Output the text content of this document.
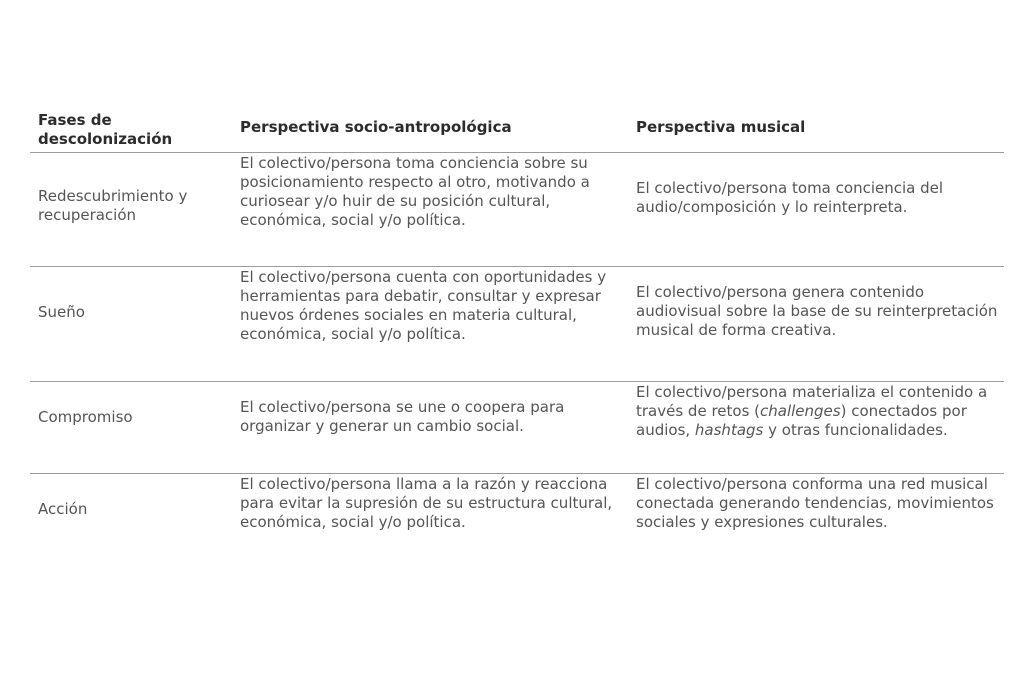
Fases de descolonización
Perspectiva socio-antropológica	Perspectiva musical
Redescubrimiento y recuperación
El colectivo/persona toma conciencia sobre su posicionamiento respecto al otro, motivando a curiosear y/o huir de su posición cultural, económica, social y/o política.
El colectivo/persona toma conciencia del audio/composición y lo reinterpreta.
Sueño
El colectivo/persona cuenta con oportunidades y herramientas para debatir, consultar y expresar nuevos órdenes sociales en materia cultural, económica, social y/o política.
El colectivo/persona genera contenido audiovisual sobre la base de su reinterpretación musical de forma creativa.
Compromiso
El colectivo/persona se une o coopera para organizar y generar un cambio social.
El colectivo/persona materializa el contenido a través de retos (challenges) conectados por audios, hashtags y otras funcionalidades.
Acción
El colectivo/persona llama a la razón y reacciona para evitar la supresión de su estructura cultural, económica, social y/o política.
El colectivo/persona conforma una red musical conectada generando tendencias, movimientos sociales y expresiones culturales.
